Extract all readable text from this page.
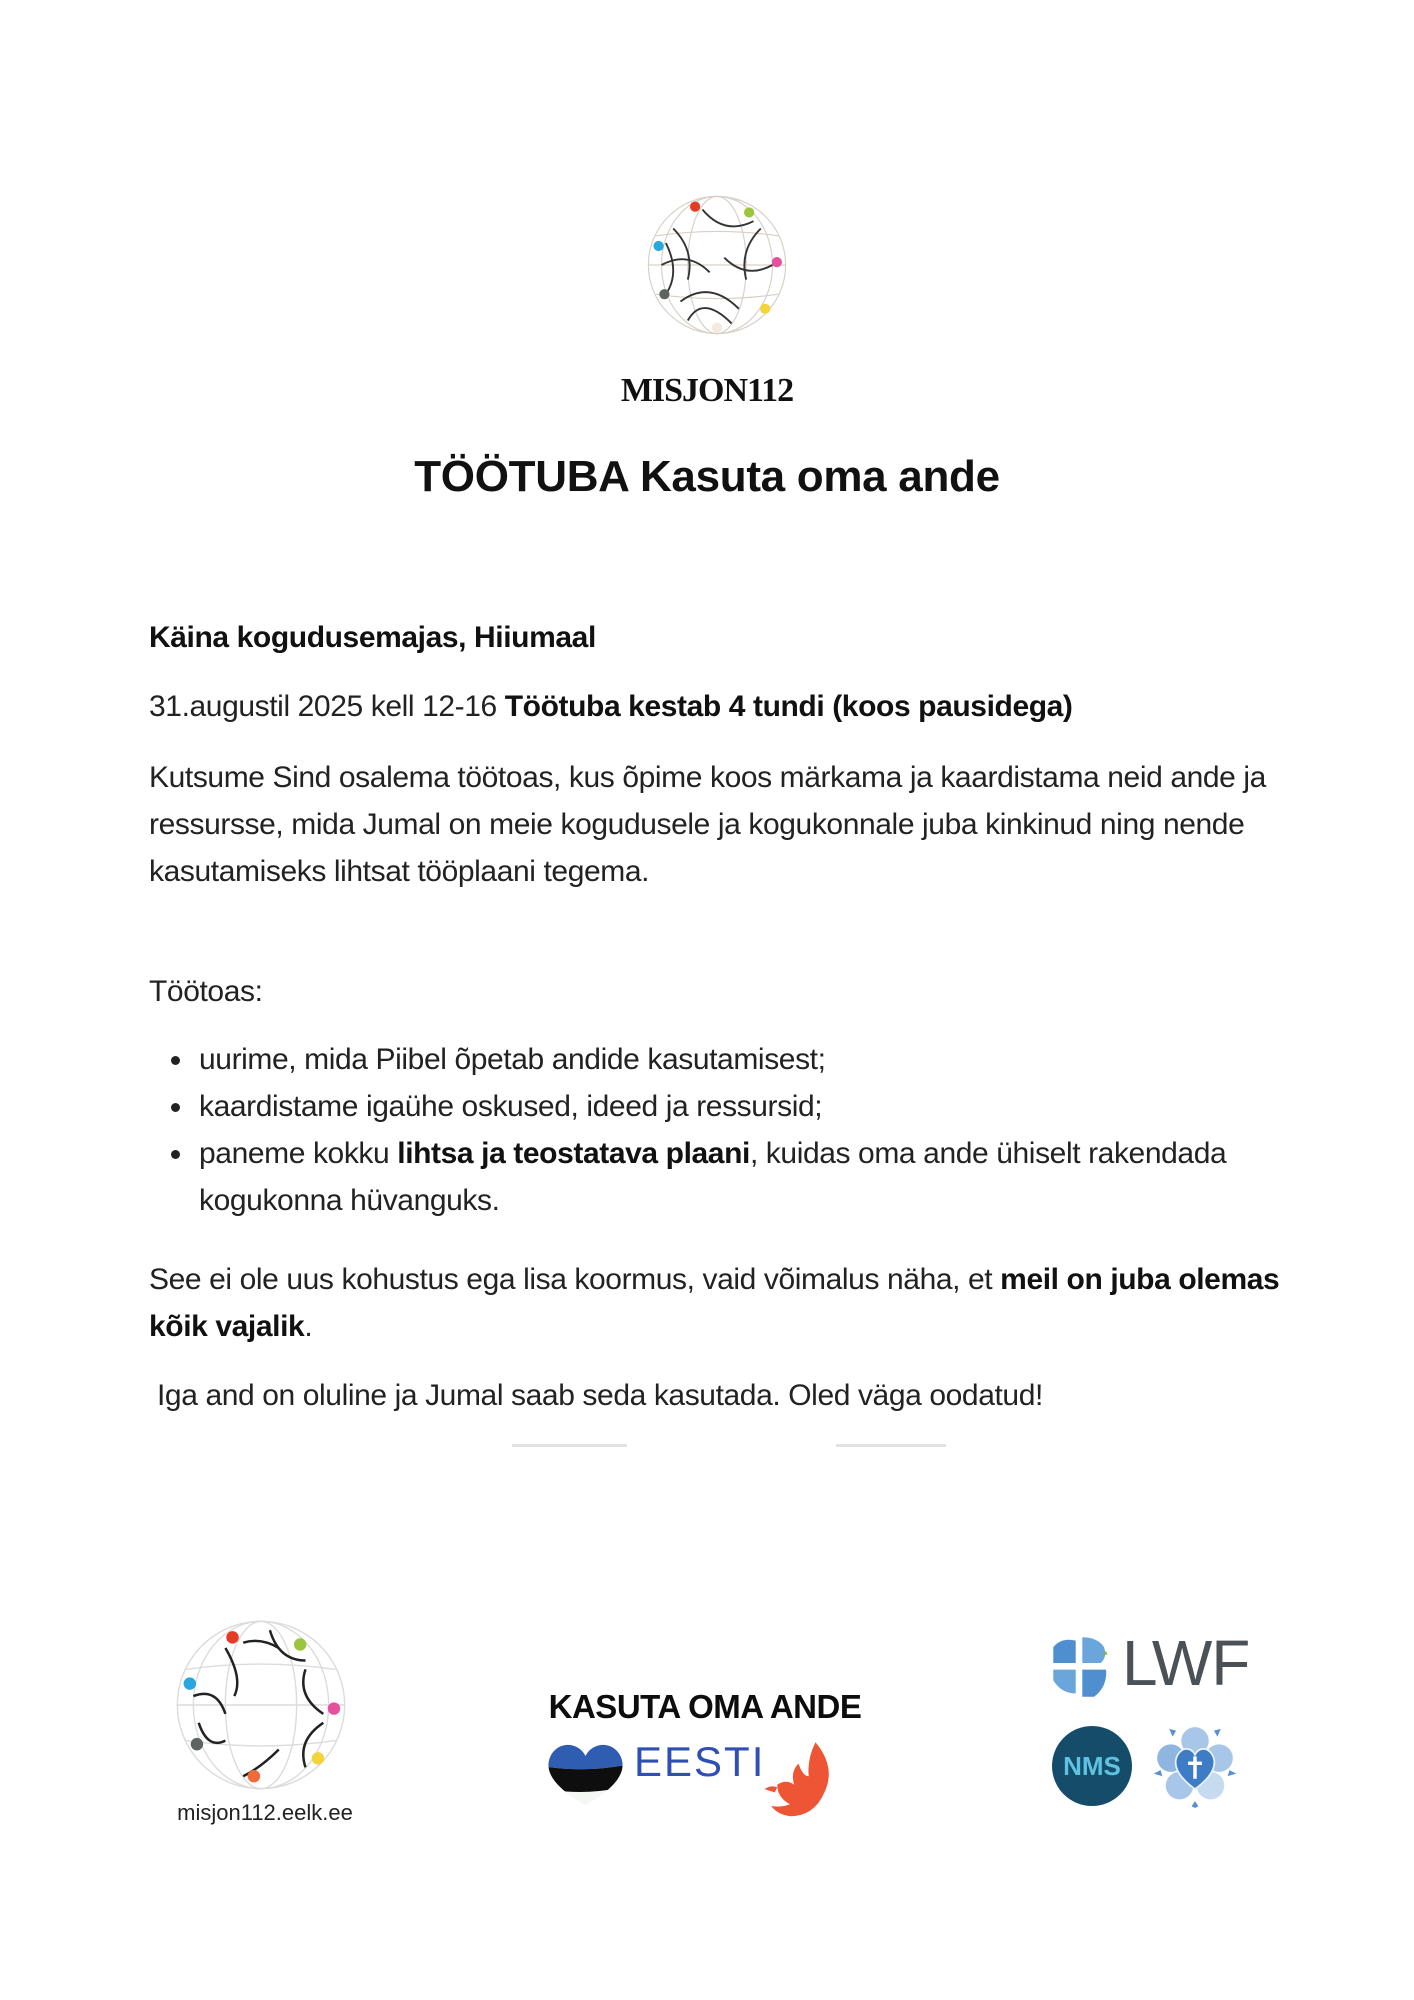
MISJON112
TÖÖTUBA Kasuta oma ande
Käina kogudusemajas, Hiiumaal
31.augustil 2025 kell 12-16 Töötuba kestab 4 tundi (koos pausidega)
Kutsume Sind osalema töötoas, kus õpime koos märkama ja kaardistama neid ande ja ressursse, mida Jumal on meie kogudusele ja kogukonnale juba kinkinud ning nende kasutamiseks lihtsat tööplaani tegema.
Töötoas:
uurime, mida Piibel õpetab andide kasutamisest;
kaardistame igaühe oskused, ideed ja ressursid;
paneme kokku lihtsa ja teostatava plaani, kuidas oma ande ühiselt rakendada kogukonna hüvanguks.
See ei ole uus kohustus ega lisa koormus, vaid võimalus näha, et meil on juba olemas kõik vajalik.
Iga and on oluline ja Jumal saab seda kasutada. Oled väga oodatud!
misjon112.eelk.ee
KASUTA OMA ANDE
EESTI
LWF
NMS
